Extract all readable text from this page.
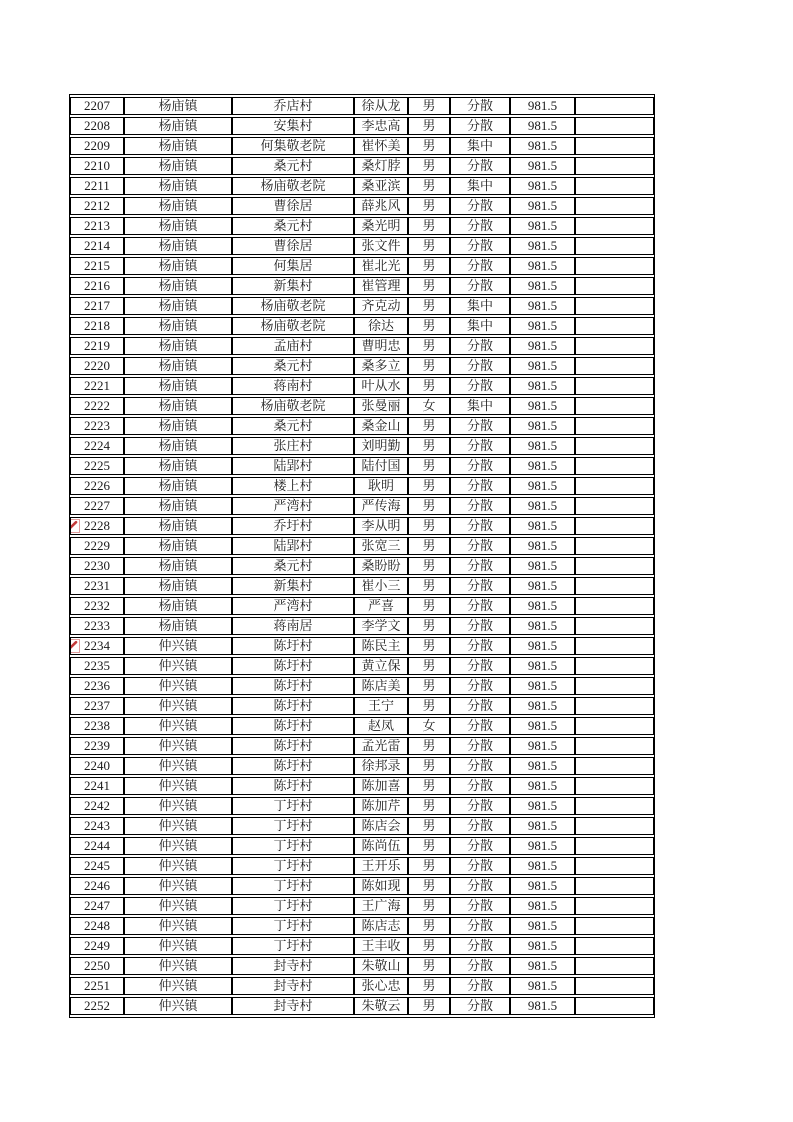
2207	杨庙镇	乔店村	徐从龙	男	分散	981.5	
2208	杨庙镇	安集村	李忠高	男	分散	981.5	
2209	杨庙镇	何集敬老院	崔怀美	男	集中	981.5	
2210	杨庙镇	桑元村	桑灯脖	男	分散	981.5	
2211	杨庙镇	杨庙敬老院	桑亚滨	男	集中	981.5	
2212	杨庙镇	曹徐居	薛兆风	男	分散	981.5	
2213	杨庙镇	桑元村	桑光明	男	分散	981.5	
2214	杨庙镇	曹徐居	张文件	男	分散	981.5	
2215	杨庙镇	何集居	崔北光	男	分散	981.5	
2216	杨庙镇	新集村	崔管理	男	分散	981.5	
2217	杨庙镇	杨庙敬老院	齐克动	男	集中	981.5	
2218	杨庙镇	杨庙敬老院	徐达	男	集中	981.5	
2219	杨庙镇	孟庙村	曹明忠	男	分散	981.5	
2220	杨庙镇	桑元村	桑多立	男	分散	981.5	
2221	杨庙镇	蒋南村	叶从水	男	分散	981.5	
2222	杨庙镇	杨庙敬老院	张曼丽	女	集中	981.5	
2223	杨庙镇	桑元村	桑金山	男	分散	981.5	
2224	杨庙镇	张庄村	刘明勤	男	分散	981.5	
2225	杨庙镇	陆郢村	陆付国	男	分散	981.5	
2226	杨庙镇	楼上村	耿明	男	分散	981.5	
2227	杨庙镇	严湾村	严传海	男	分散	981.5	

2228	杨庙镇	乔圩村	李从明	男	分散	981.5	
2229	杨庙镇	陆郢村	张宽三	男	分散	981.5	
2230	杨庙镇	桑元村	桑盼盼	男	分散	981.5	
2231	杨庙镇	新集村	崔小三	男	分散	981.5	
2232	杨庙镇	严湾村	严喜	男	分散	981.5	
2233	杨庙镇	蒋南居	李学文	男	分散	981.5	

2234	仲兴镇	陈圩村	陈民主	男	分散	981.5	
2235	仲兴镇	陈圩村	黄立保	男	分散	981.5	
2236	仲兴镇	陈圩村	陈店美	男	分散	981.5	
2237	仲兴镇	陈圩村	王宁	男	分散	981.5	
2238	仲兴镇	陈圩村	赵凤	女	分散	981.5	
2239	仲兴镇	陈圩村	孟光雷	男	分散	981.5	
2240	仲兴镇	陈圩村	徐邦录	男	分散	981.5	
2241	仲兴镇	陈圩村	陈加喜	男	分散	981.5	
2242	仲兴镇	丁圩村	陈加芹	男	分散	981.5	
2243	仲兴镇	丁圩村	陈店会	男	分散	981.5	
2244	仲兴镇	丁圩村	陈尚伍	男	分散	981.5	
2245	仲兴镇	丁圩村	王开乐	男	分散	981.5	
2246	仲兴镇	丁圩村	陈如现	男	分散	981.5	
2247	仲兴镇	丁圩村	王广海	男	分散	981.5	
2248	仲兴镇	丁圩村	陈店志	男	分散	981.5	
2249	仲兴镇	丁圩村	王丰收	男	分散	981.5	
2250	仲兴镇	封寺村	朱敬山	男	分散	981.5	
2251	仲兴镇	封寺村	张心忠	男	分散	981.5	
2252	仲兴镇	封寺村	朱敬云	男	分散	981.5	
